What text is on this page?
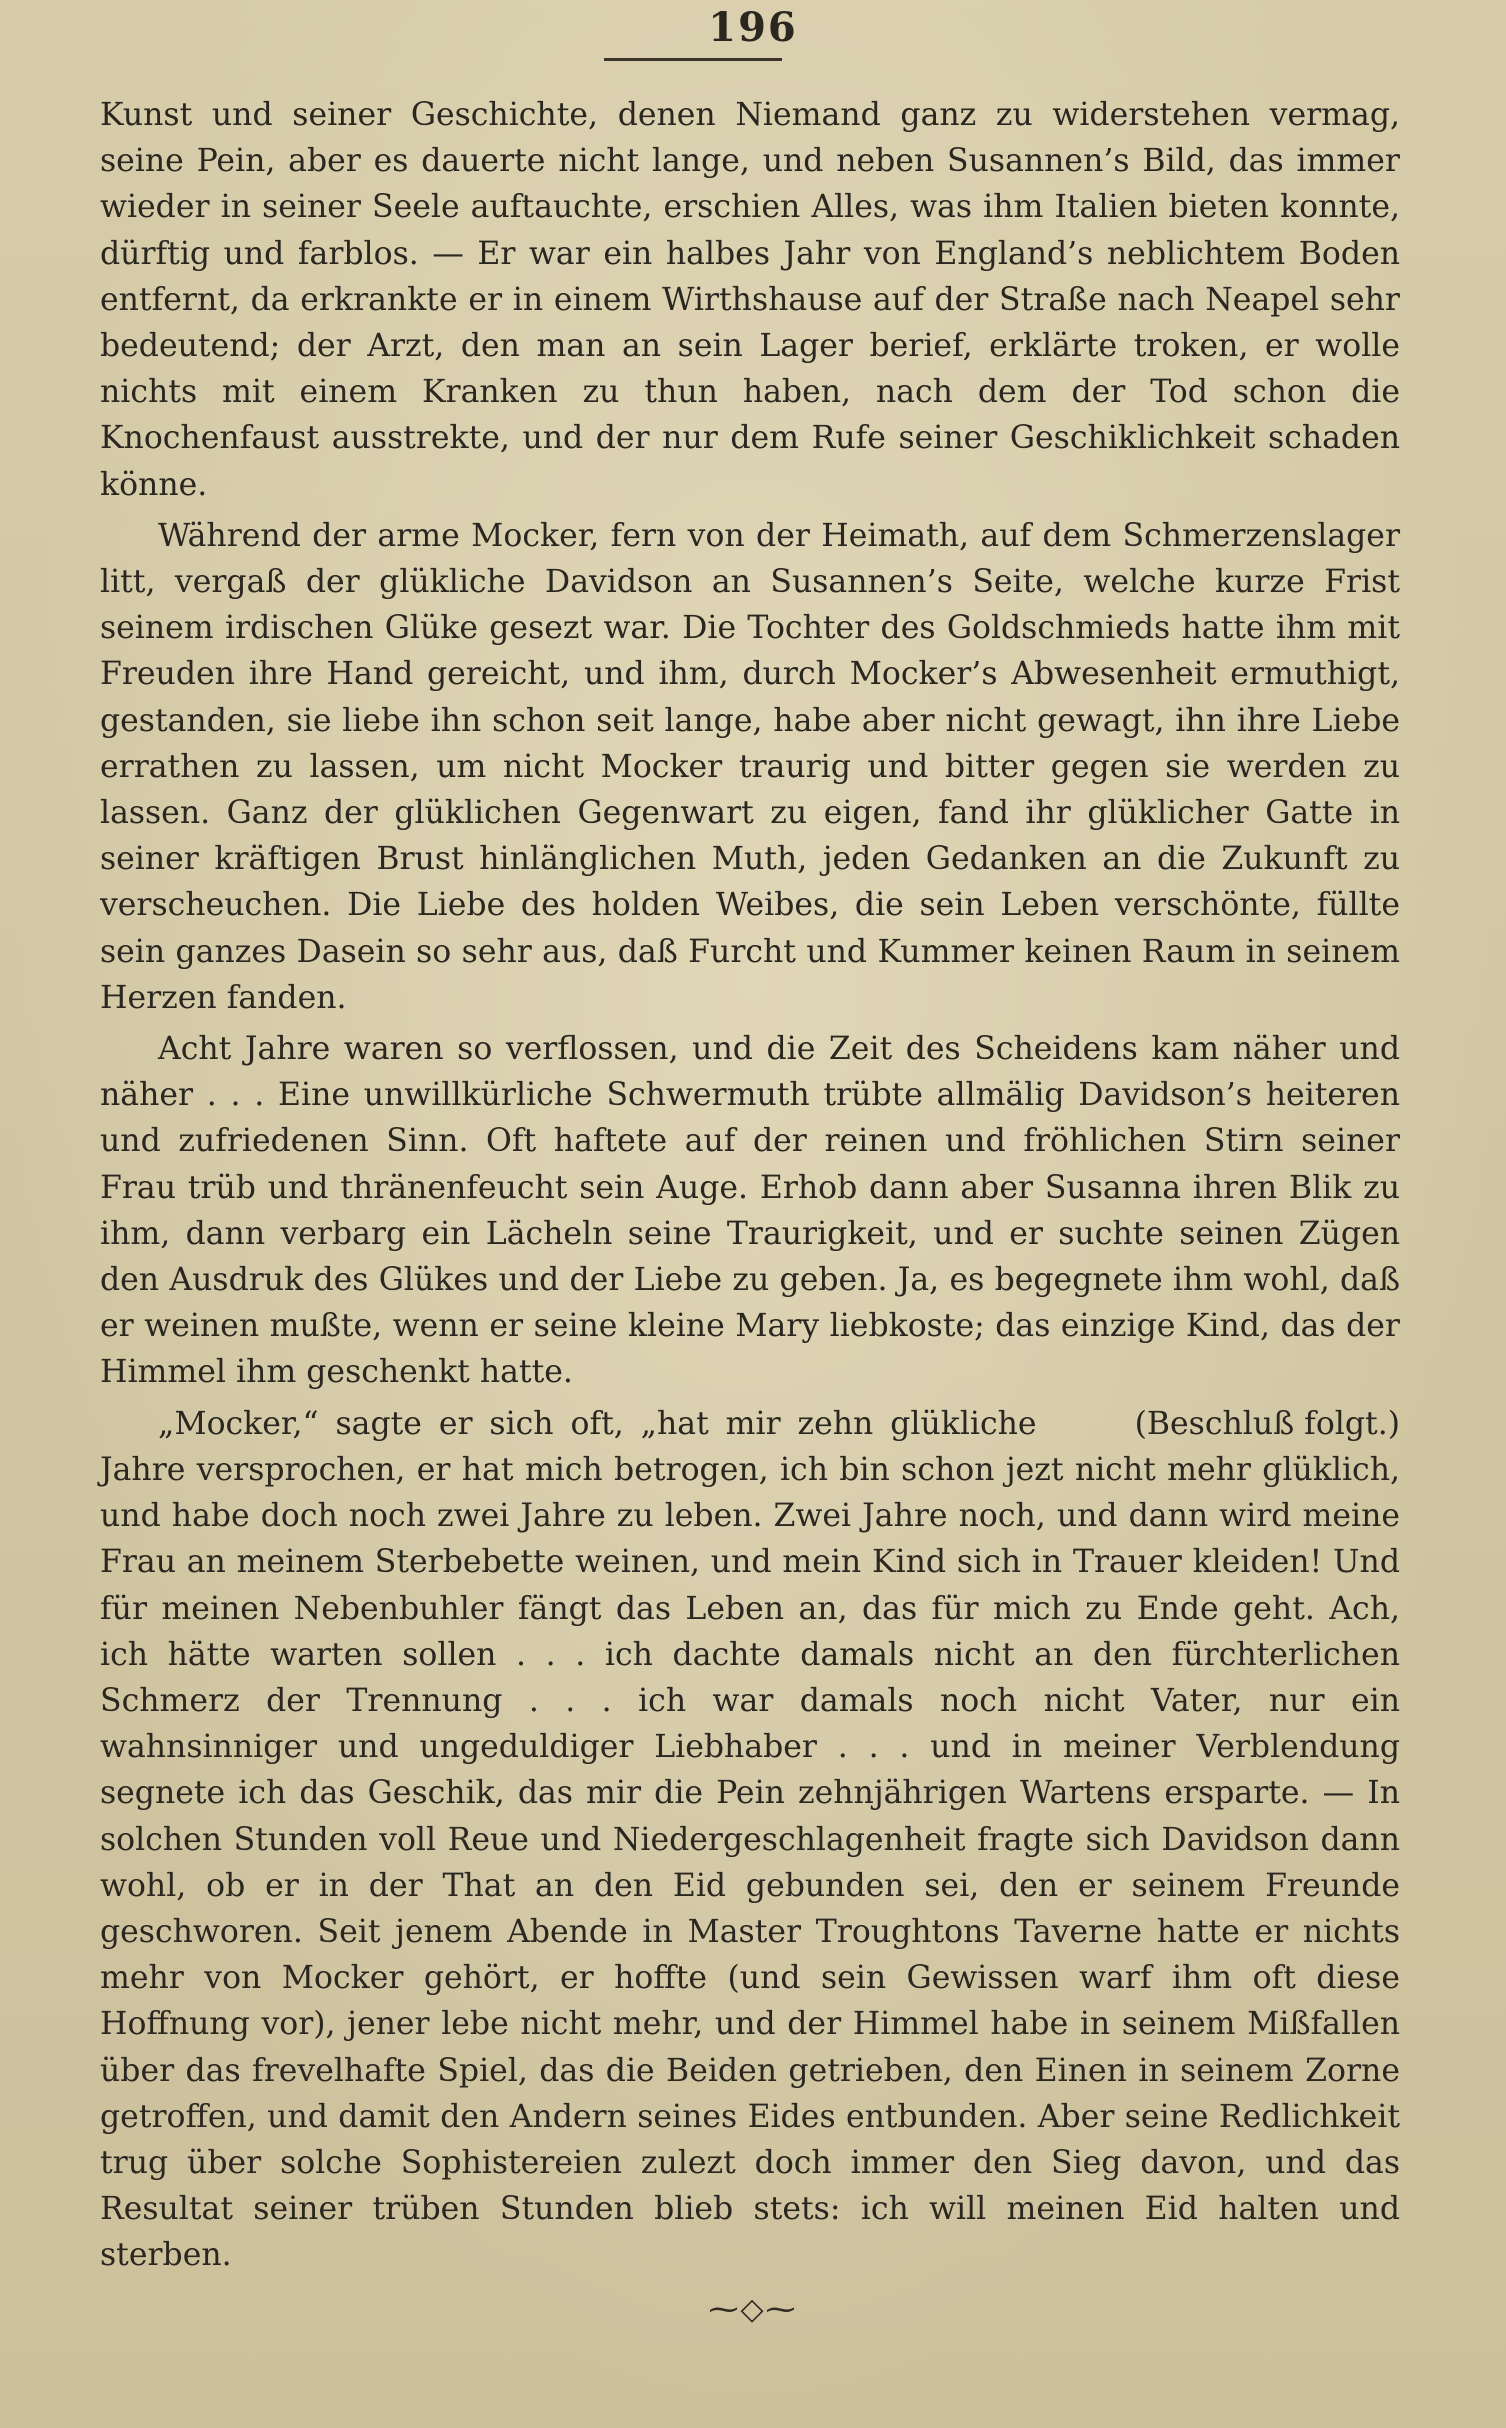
196

Kunst und seiner Geschichte, denen Niemand ganz zu widerstehen vermag, seine Pein, aber es dauerte nicht lange, und neben Susannen’s Bild, das immer wieder in seiner Seele auftauchte, erschien Alles, was ihm Italien bieten konnte, dürftig und farblos. — Er war ein halbes Jahr von England’s neblichtem Boden entfernt, da erkrankte er in einem Wirthshause auf der Straße nach Neapel sehr bedeutend; der Arzt, den man an sein Lager berief, erklärte troken, er wolle nichts mit einem Kranken zu thun haben, nach dem der Tod schon die Knochenfaust ausstrekte, und der nur dem Rufe seiner Geschiklichkeit schaden könne.

Während der arme Mocker, fern von der Heimath, auf dem Schmerzenslager litt, vergaß der glükliche Davidson an Susannen’s Seite, welche kurze Frist seinem irdischen Glüke gesezt war. Die Tochter des Goldschmieds hatte ihm mit Freuden ihre Hand gereicht, und ihm, durch Mocker’s Abwesenheit ermuthigt, gestanden, sie liebe ihn schon seit lange, habe aber nicht gewagt, ihn ihre Liebe errathen zu lassen, um nicht Mocker traurig und bitter gegen sie werden zu lassen. Ganz der glüklichen Gegenwart zu eigen, fand ihr glüklicher Gatte in seiner kräftigen Brust hinlänglichen Muth, jeden Gedanken an die Zukunft zu verscheuchen. Die Liebe des holden Weibes, die sein Leben verschönte, füllte sein ganzes Dasein so sehr aus, daß Furcht und Kummer keinen Raum in seinem Herzen fanden.

Acht Jahre waren so verflossen, und die Zeit des Scheidens kam näher und näher . . . Eine unwillkürliche Schwermuth trübte allmälig Davidson’s heiteren und zufriedenen Sinn. Oft haftete auf der reinen und fröhlichen Stirn seiner Frau trüb und thränenfeucht sein Auge. Erhob dann aber Susanna ihren Blik zu ihm, dann verbarg ein Lächeln seine Traurigkeit, und er suchte seinen Zügen den Ausdruk des Glükes und der Liebe zu geben. Ja, es begegnete ihm wohl, daß er weinen mußte, wenn er seine kleine Mary liebkoste; das einzige Kind, das der Himmel ihm geschenkt hatte.

(Beschluß folgt.)
„Mocker,“ sagte er sich oft, „hat mir zehn glükliche Jahre versprochen, er hat mich betrogen, ich bin schon jezt nicht mehr glüklich, und habe doch noch zwei Jahre zu leben. Zwei Jahre noch, und dann wird meine Frau an meinem Sterbebette weinen, und mein Kind sich in Trauer kleiden! Und für meinen Nebenbuhler fängt das Leben an, das für mich zu Ende geht. Ach, ich hätte warten sollen . . . ich dachte damals nicht an den fürchterlichen Schmerz der Trennung . . . ich war damals noch nicht Vater, nur ein wahnsinniger und ungeduldiger Liebhaber . . . und in meiner Verblendung segnete ich das Geschik, das mir die Pein zehnjährigen Wartens ersparte. — In solchen Stunden voll Reue und Niedergeschlagenheit fragte sich Davidson dann wohl, ob er in der That an den Eid gebunden sei, den er seinem Freunde geschworen. Seit jenem Abende in Master Troughtons Taverne hatte er nichts mehr von Mocker gehört, er hoffte (und sein Gewissen warf ihm oft diese Hoffnung vor), jener lebe nicht mehr, und der Himmel habe in seinem Mißfallen über das frevelhafte Spiel, das die Beiden getrieben, den Einen in seinem Zorne getroffen, und damit den Andern seines Eides entbunden. Aber seine Redlichkeit trug über solche Sophistereien zulezt doch immer den Sieg davon, und das Resultat seiner trüben Stunden blieb stets: ich will meinen Eid halten und sterben.

⁓◇⁓
